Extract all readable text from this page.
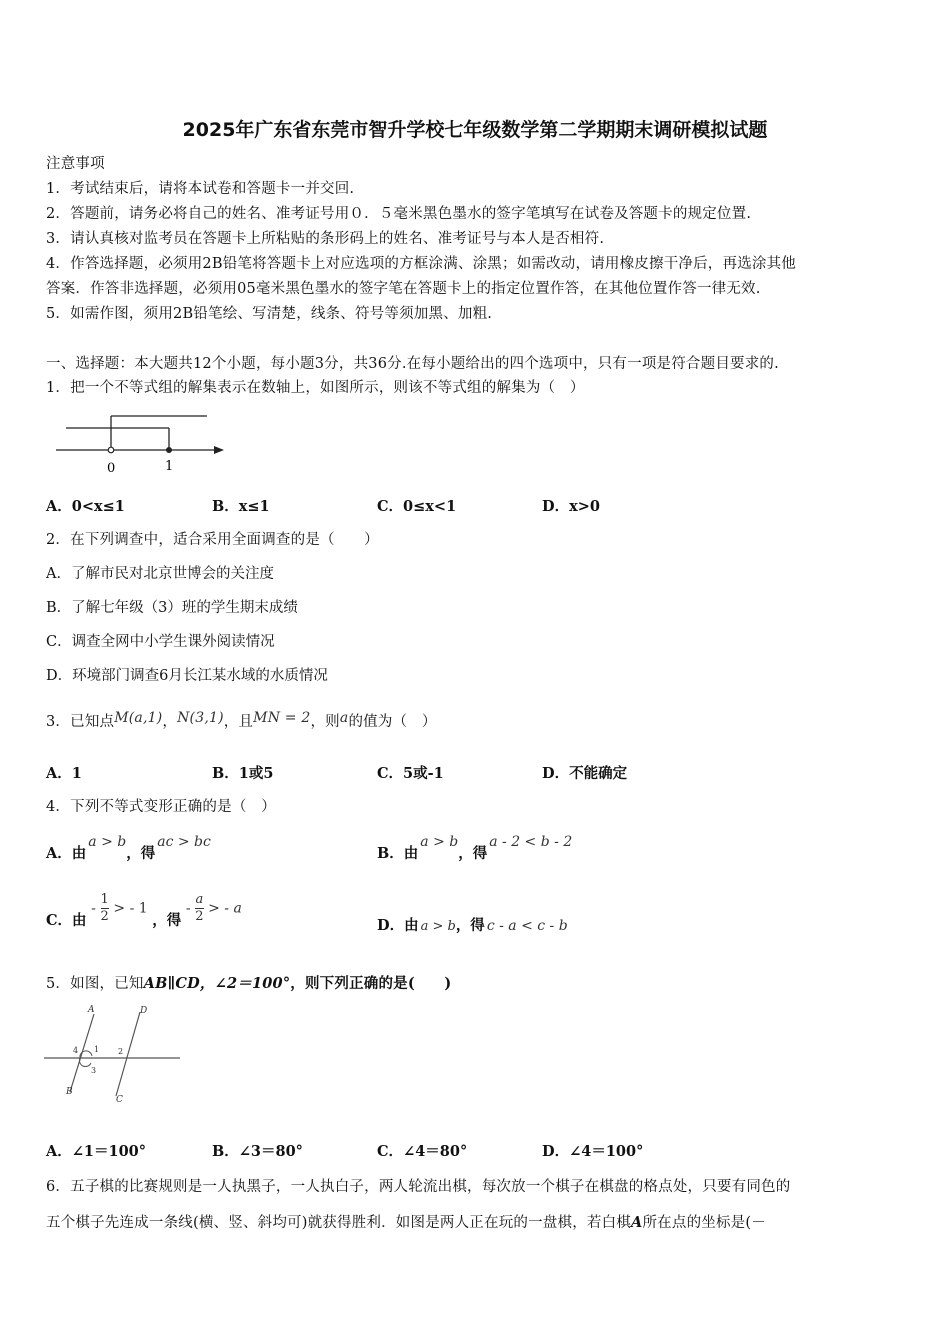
2025年广东省东莞市智升学校七年级数学第二学期期末调研模拟试题
注意事项
1．考试结束后，请将本试卷和答题卡一并交回.
2．答题前，请务必将自己的姓名、准考证号用０．５毫米黑色墨水的签字笔填写在试卷及答题卡的规定位置.
3．请认真核对监考员在答题卡上所粘贴的条形码上的姓名、准考证号与本人是否相符.
4．作答选择题，必须用2B铅笔将答题卡上对应选项的方框涂满、涂黑；如需改动，请用橡皮擦干净后，再选涂其他
答案．作答非选择题，必须用05毫米黑色墨水的签字笔在答题卡上的指定位置作答，在其他位置作答一律无效.
5．如需作图，须用2B铅笔绘、写清楚，线条、符号等须加黑、加粗.
一、选择题：本大题共12个小题，每小题3分，共36分.在每小题给出的四个选项中，只有一项是符合题目要求的.
1．把一个不等式组的解集表示在数轴上，如图所示，则该不等式组的解集为（　）
0	1
A．0<x≤1	B．x≤1	C．0≤x<1	D．x>0
2．在下列调查中，适合采用全面调查的是（　　）
A．了解市民对北京世博会的关注度
B．了解七年级（3）班的学生期末成绩
C．调查全网中小学生课外阅读情况
D．环境部门调查6月长江某水域的水质情况
3．已知点M(a,1)，N(3,1)，且MN = 2，则a的值为（　）
A．1	B．1或5	C．5或-1	D．不能确定
4．下列不等式变形正确的是（　）
A．由a > b，得ac > bc
B．由a > b，得a - 2 < b - 2
C．由 - $\frac{1}{2}$ > - 1 ，得 - $\frac{a}{2}$ > - a
D．由 a > b，得 c - a < c - b
5．如图，已知AB∥CD，∠2＝100°，则下列正确的是(　　)
A	D
4 1 2
3
B
C
A．∠1＝100°	B．∠3＝80°	C．∠4＝80°	D．∠4＝100°
6．五子棋的比赛规则是一人执黑子，一人执白子，两人轮流出棋，每次放一个棋子在棋盘的格点处，只要有同色的
五个棋子先连成一条线(横、竖、斜均可)就获得胜利．如图是两人正在玩的一盘棋，若白棋A所在点的坐标是(－
